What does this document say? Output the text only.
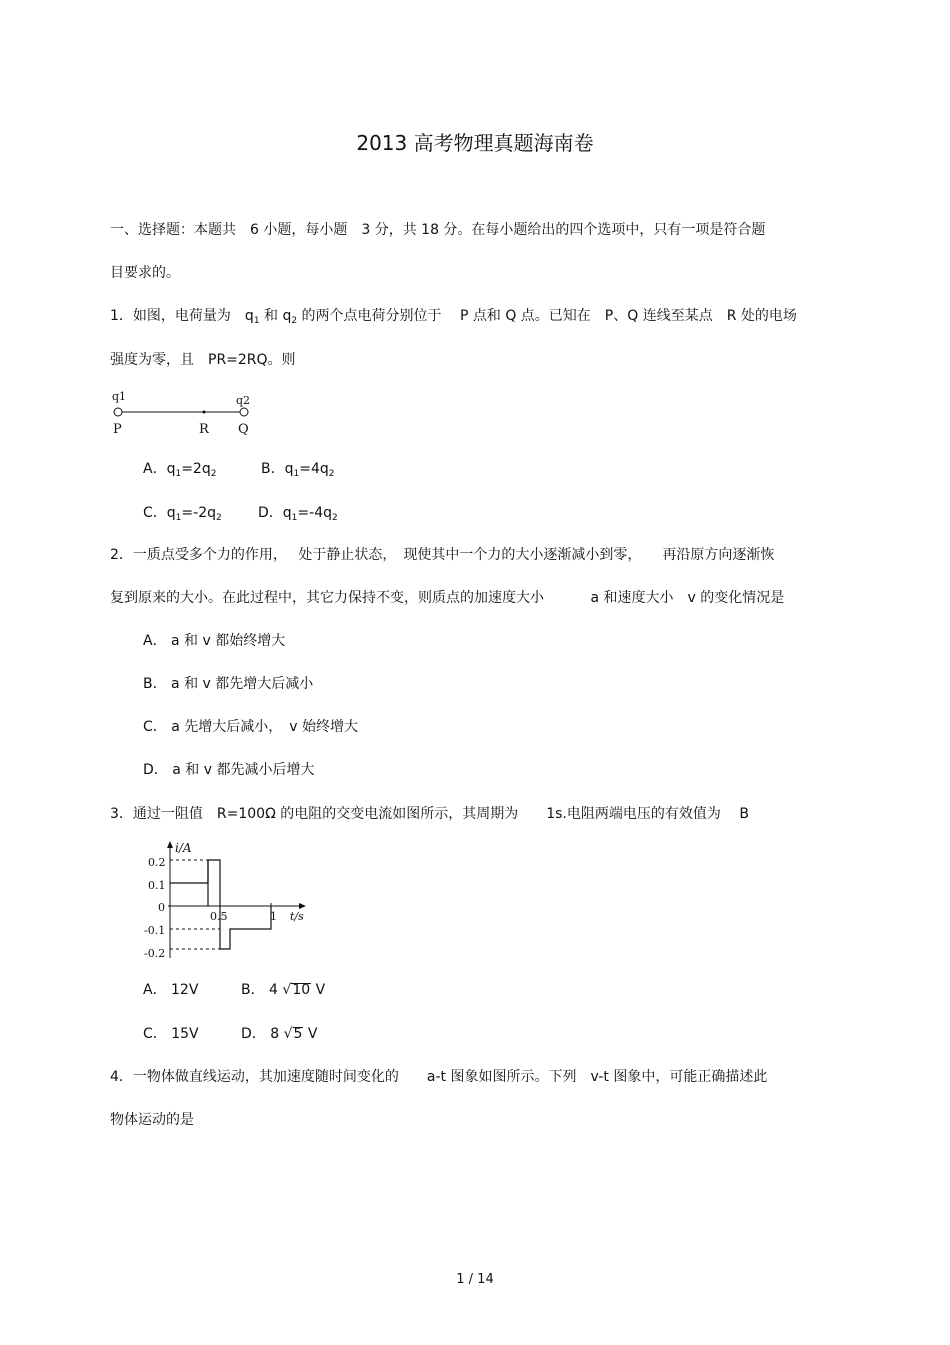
2013 高考物理真题海南卷
一、选择题：本题共　6 小题，每小题　3 分，共 18 分。在每小题给出的四个选项中，只有一项是符合题
目要求的。
1．如图，电荷量为　$q_1$ 和 $q_2$ 的两个点电荷分别位于　 P 点和 Q 点。已知在　P、Q 连线至某点　R 处的电场
强度为零，且　PR=2RQ。则
q1	q2
P	R Q
A．$q_1=2q_2$	B．$q_1=4q_2$
C．$q_1=-2q_2$	D．$q_1=-4q_2$
2．一质点受多个力的作用，　 处于静止状态，　现使其中一个力的大小逐渐减小到零，　　再沿原方向逐渐恢
复到原来的大小。在此过程中，其它力保持不变，则质点的加速度大小　　　 a 和速度大小　v 的变化情况是
A． a 和 v 都始终增大
B． a 和 v 都先增大后减小
C． a 先增大后减小，　v 始终增大
D． a 和 v 都先减小后增大
3．通过一阻值　R=100Ω 的电阻的交变电流如图所示，其周期为　　1s.电阻两端电压的有效值为　 B
i/A
t/s
0.2
0.1
0
-0.1
-0.2
0.5	1
A． 12V	B． 4 √10 V
C． 15V	D． 8 √5 V
4．一物体做直线运动，其加速度随时间变化的　　a-t 图象如图所示。下列　v-t 图象中，可能正确描述此
物体运动的是
1 / 14
